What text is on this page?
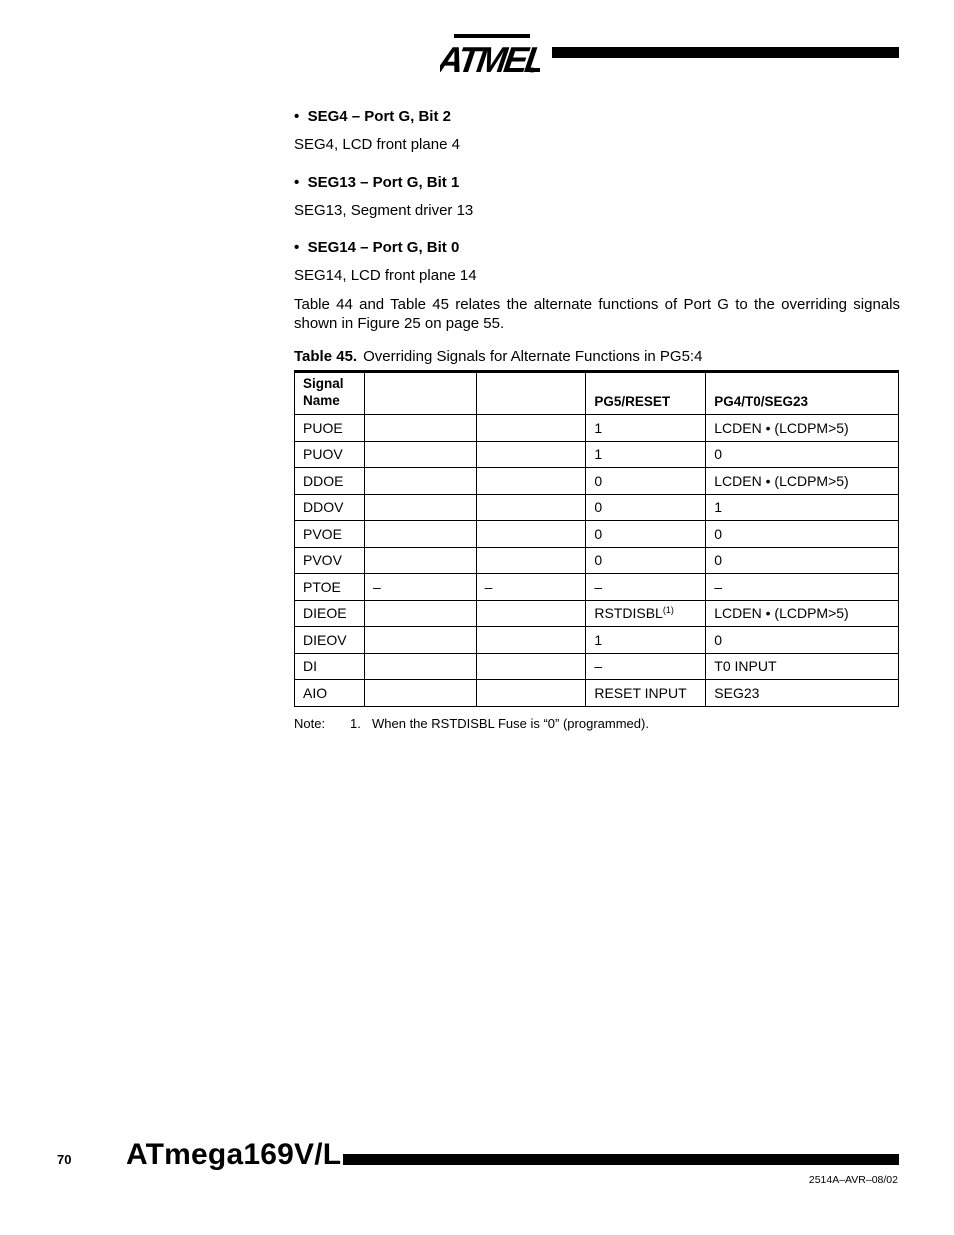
ATMEL
®
•  SEG4 – Port G, Bit 2
SEG4, LCD front plane 4
•  SEG13 – Port G, Bit 1
SEG13, Segment driver 13
•  SEG14 – Port G, Bit 0
SEG14, LCD front plane 14
Table 44 and Table 45 relates the alternate functions of Port G to the overriding signals shown in Figure 25 on page 55.
Table 45. Overriding Signals for Alternate Functions in PG5:4
Signal Name			PG5/RESET	PG4/T0/SEG23
PUOE			1	LCDEN • (LCDPM>5)
PUOV			1	0
DDOE			0	LCDEN • (LCDPM>5)
DDOV			0	1
PVOE			0	0
PVOV			0	0
PTOE	–	–	–	–
DIEOE			RSTDISBL$^{(1)}$	LCDEN • (LCDPM>5)
DIEOV			1	0
DI			–	T0 INPUT
AIO			RESET INPUT	SEG23
Note: 1. When the RSTDISBL Fuse is “0” (programmed).
70 ATmega169V/L
2514A–AVR–08/02
